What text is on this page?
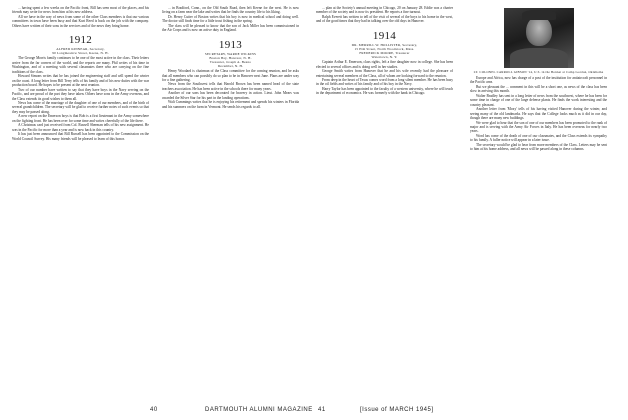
... having spent a few weeks on the Pacific front, Bill has seen most of the places, and his friends may write for news from him at his new address.

All we have in the way of news from some of the other Class members is that our various committees in town have been busy and that Kurt Reed is back on the job with the company. Others have written of their sons in the services and of the news they bring home.

1912
ALFRED KINNEAR, Secretary,
90 Longmeadow Street, Keene, N. H.

The George Morris family continues to be one of the most active in the class. Their letters arrive from the far corners of the world, and the reports are many. Phil writes of his time in Washington, and of a meeting with several classmates there who are carrying on the fine traditions of the class.

Howard Simons writes that he has joined the engineering staff and will spend the winter on the coast. A long letter from Bill Terry tells of his family and of his new duties with the war production board. He hopes to be present at the next reunion.

Two of our number have written to say that they have boys in the Navy serving on the Pacific, and are proud of the part they have taken. Others have sons in the Army overseas, and the Class extends its good wishes to them all.

News has come of the marriage of the daughter of one of our members, and of the birth of several grandchildren. The secretary will be glad to receive further notes of such events so that they may be passed along.

A new report on the Emerson boys is that Bob is a first lieutenant in the Army somewhere on the fighting front. He has been over for some time and writes cheerfully of the life there.

A Christmas card just received from Col. Russell Sherman tells of his new assignment. He was in the Pacific for more than a year and is now back in this country.

It has just been announced that Bill Russell has been appointed to the Commission on the World Council Survey. His many friends will be pleased to learn of this honor.

... in Bradford, Conn., on the Old South Road, then left Keene for the west. He is now living on a farm near the lake and writes that he finds the country life to his liking.

Dr. Henry Cutter of Boston writes that his boy is now in medical school and doing well. The doctor still finds time for a little trout fishing in the spring.

The class will be pleased to know that the son of Jack Miller has been commissioned in the Air Corps and is now on active duty in England.

1913
SECRETARY, WARDE WILKINS
Boston Bay, Hanover, N. H.
Treasurer, Joseph A. Beano
December, N. H.

Henry Woodard is chairman of the Class committee for the coming reunion, and he asks that all members who can possibly do so plan to be in Hanover next June. Plans are under way for a fine gathering.

News from the Southwest tells that Harold Brown has been named head of the state teachers association. He has been active in the schools there for many years.

Another of our sons has been decorated for bravery in action. Lieut. John Mears was awarded the Silver Star for his part in the landing operations.

Walt Cummings writes that he is enjoying his retirement and spends his winters in Florida and his summers on the farm in Vermont. He sends his regards to all.

... plan at the Society's annual meeting in Chicago, 20 on January 28. Eddie was a charter member of the society and is now its president. He reports a fine turnout.

Ralph Everett has written to tell of the visit of several of the boys to his home in the west, and of the good times that they had in talking over the old days in Hanover.

1914
DR. MERRILL W. HOLLISTER, Secretary,
15 Elm Street, North Woodstock, Mass.
FREDERICK MOORE, Treasurer
Watertown, N. Y.

Captain Arthur E. Emerson, class rights, left a fine daughter now in college. She has been elected to several offices and is doing well in her studies.

George Smith writes from Hanover that he and his wife recently had the pleasure of entertaining several members of the Class, all of whom are looking forward to the reunion.

From deep in the heart of Texas comes word from a long silent member. He has been busy in the oil fields and writes of his family and of his boy in the Navy.

Harry Taylor has been appointed to the faculty of a western university, where he will teach in the department of economics. He was formerly with the bank in Chicago.

LT. COLONEL CARROLL GIBSON '14, U.S. in the Bonnet at Camp Gordon, Oklahoma

Europe and Africa, now has charge of a post of the institution for antiaircraft personnel in the Pacific area.

But we pleasant the ... comment in this will be a short one, as news of the class has been slow in arriving this month.

Walter Bradley has sent in a long letter of news from the southwest, where he has been for some time in charge of one of the large defense plants. He finds the work interesting and the country pleasant.

Another letter from 'Moxy' tells of his having visited Hanover during the winter, and seeing many of the old landmarks. He says that the College looks much as it did in our day, though there are many new buildings.

We were glad to hear that the son of one of our members has been promoted to the rank of major and is serving with the Army Air Forces in Italy. He has been overseas for nearly two years.

Word has come of the death of one of our classmates, and the Class extends its sympathy to his family. A fuller notice will appear in a later issue.

The secretary would be glad to hear from more members of the Class. Letters may be sent to him at his home address, and all news will be passed along in these columns.

40	DARTMOUTH ALUMNI MAGAZINE 41	[Issue of MARCH 1945]
